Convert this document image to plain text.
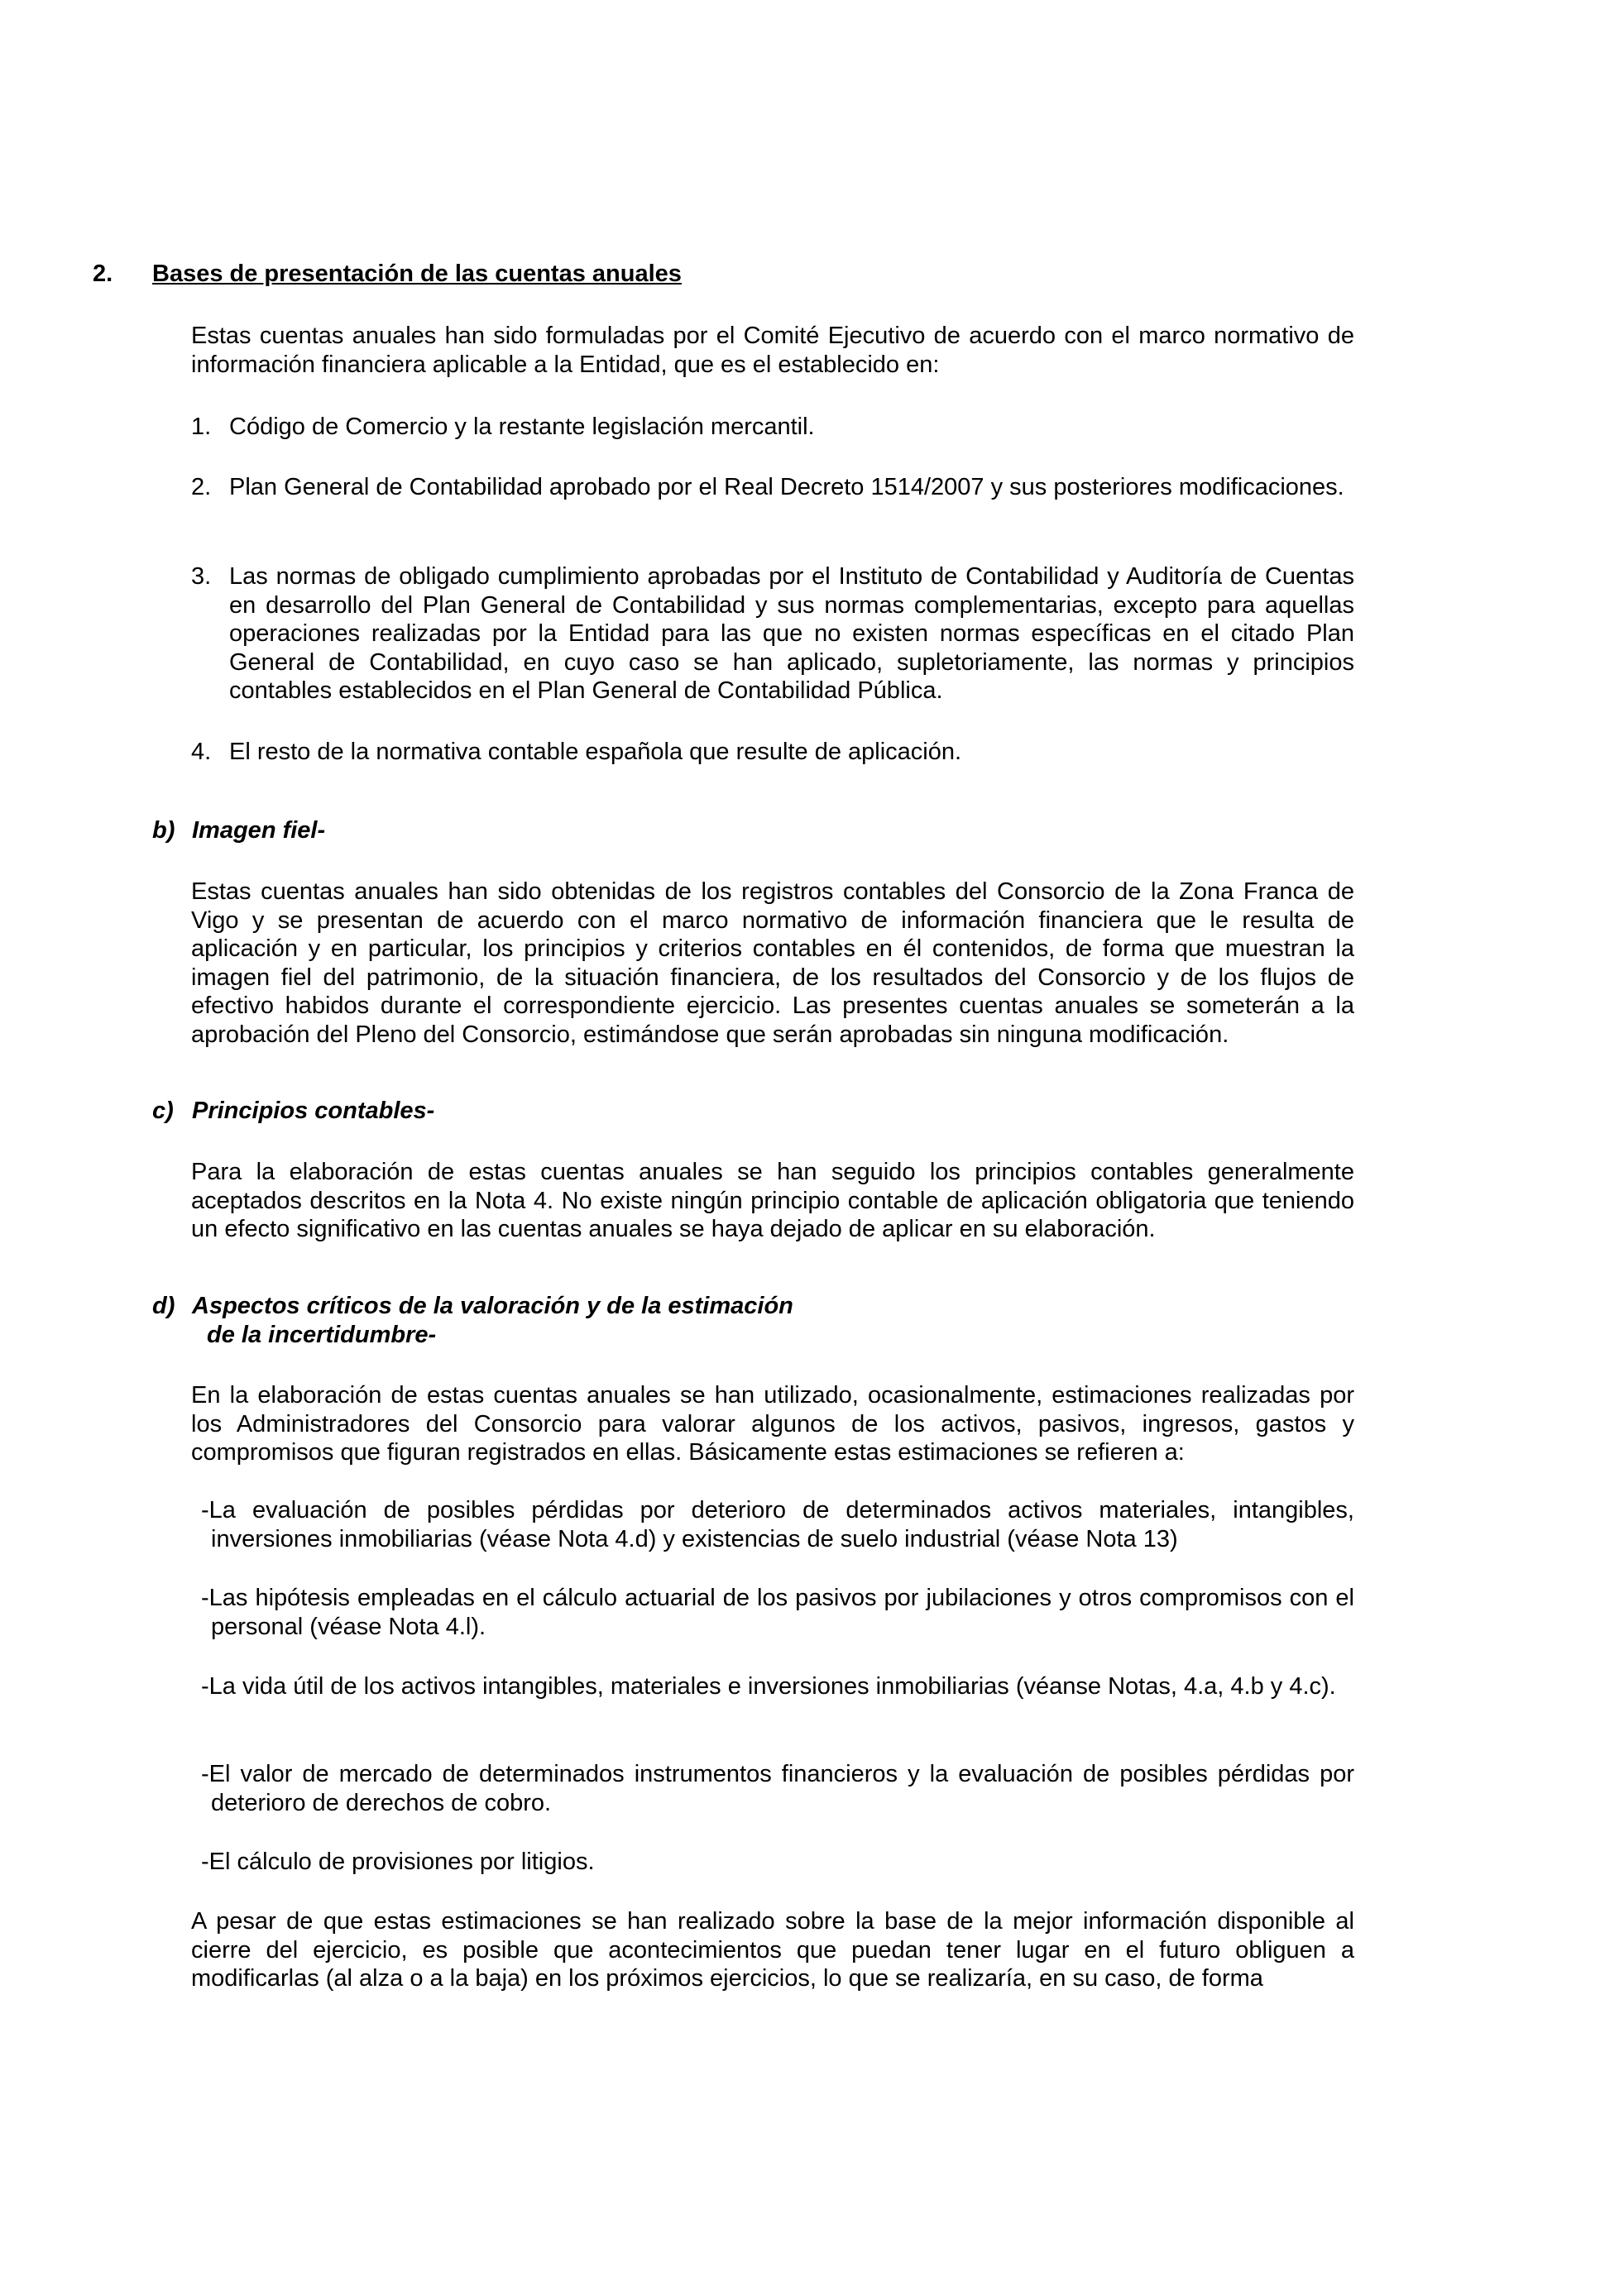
2. Bases de presentación de las cuentas anuales

Estas cuentas anuales han sido formuladas por el Comité Ejecutivo de acuerdo con el marco normativo de información financiera aplicable a la Entidad, que es el establecido en:

1. Código de Comercio y la restante legislación mercantil.
2. Plan General de Contabilidad aprobado por el Real Decreto 1514/2007 y sus posteriores modificaciones.
3. Las normas de obligado cumplimiento aprobadas por el Instituto de Contabilidad y Auditoría de Cuentas en desarrollo del Plan General de Contabilidad y sus normas complementarias, excepto para aquellas operaciones realizadas por la Entidad para las que no existen normas específicas en el citado Plan General de Contabilidad, en cuyo caso se han aplicado, supletoriamente, las normas y principios contables establecidos en el Plan General de Contabilidad Pública.
4. El resto de la normativa contable española que resulte de aplicación.
b) Imagen fiel-

Estas cuentas anuales han sido obtenidas de los registros contables del Consorcio de la Zona Franca de Vigo y se presentan de acuerdo con el marco normativo de información financiera que le resulta de aplicación y en particular, los principios y criterios contables en él contenidos, de forma que muestran la imagen fiel del patrimonio, de la situación financiera, de los resultados del Consorcio y de los flujos de efectivo habidos durante el correspondiente ejercicio. Las presentes cuentas anuales se someterán a la aprobación del Pleno del Consorcio, estimándose que serán aprobadas sin ninguna modificación.

c) Principios contables-

Para la elaboración de estas cuentas anuales se han seguido los principios contables generalmente aceptados descritos en la Nota 4. No existe ningún principio contable de aplicación obligatoria que teniendo un efecto significativo en las cuentas anuales se haya dejado de aplicar en su elaboración.

d) Aspectos críticos de la valoración y de la estimación
de la incertidumbre-

En la elaboración de estas cuentas anuales se han utilizado, ocasionalmente, estimaciones realizadas por los Administradores del Consorcio para valorar algunos de los activos, pasivos, ingresos, gastos y compromisos que figuran registrados en ellas. Básicamente estas estimaciones se refieren a:

-La evaluación de posibles pérdidas por deterioro de determinados activos materiales, intangibles, inversiones inmobiliarias (véase Nota 4.d) y existencias de suelo industrial (véase Nota 13)

-Las hipótesis empleadas en el cálculo actuarial de los pasivos por jubilaciones y otros compromisos con el personal (véase Nota 4.l).

-La vida útil de los activos intangibles, materiales e inversiones inmobiliarias (véanse Notas, 4.a, 4.b y 4.c).

-El valor de mercado de determinados instrumentos financieros y la evaluación de posibles pérdidas por deterioro de derechos de cobro.

-El cálculo de provisiones por litigios.

A pesar de que estas estimaciones se han realizado sobre la base de la mejor información disponible al cierre del ejercicio, es posible que acontecimientos que puedan tener lugar en el futuro obliguen a modificarlas (al alza o a la baja) en los próximos ejercicios, lo que se realizaría, en su caso, de forma
